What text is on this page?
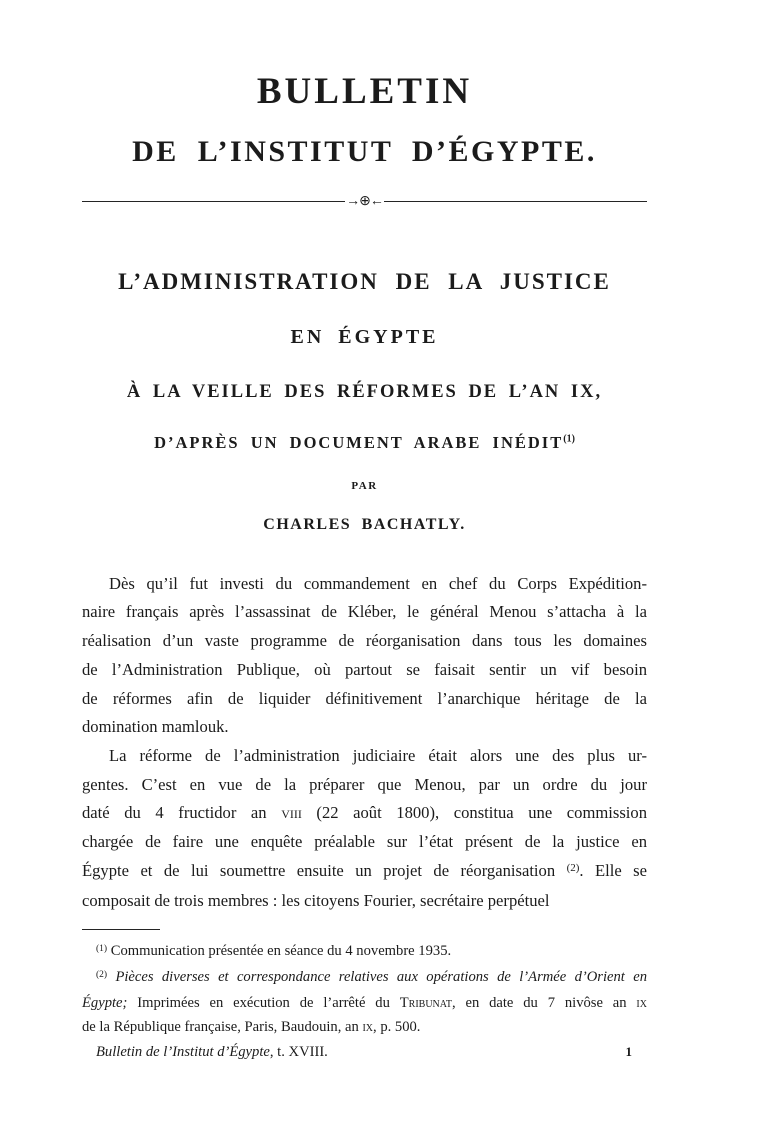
BULLETIN
DE L’INSTITUT D’ÉGYPTE.
→⊕←
L’ADMINISTRATION DE LA JUSTICE
EN ÉGYPTE
À LA VEILLE DES RÉFORMES DE L’AN IX,
D’APRÈS UN DOCUMENT ARABE INÉDIT$^{(1)}$
PAR
CHARLES BACHATLY.
Dès qu’il fut investi du commandement en chef du Corps Expédition-
naire français après l’assassinat de Kléber, le général Menou s’attacha à la
réalisation d’un vaste programme de réorganisation dans tous les domaines
de l’Administration Publique, où partout se faisait sentir un vif besoin
de réformes afin de liquider définitivement l’anarchique héritage de la
domination mamlouk.
La réforme de l’administration judiciaire était alors une des plus ur-
gentes. C’est en vue de la préparer que Menou, par un ordre du jour
daté du 4 fructidor an viii (22 août 1800), constitua une commission
chargée de faire une enquête préalable sur l’état présent de la justice en
Égypte et de lui soumettre ensuite un projet de réorganisation $^{(2)}$. Elle se
composait de trois membres : les citoyens Fourier, secrétaire perpétuel
$^{(1)}$ Communication présentée en séance du 4 novembre 1935.
$^{(2)}$ Pièces diverses et correspondance relatives aux opérations de l’Armée d’Orient en
Égypte; Imprimées en exécution de l’arrêté du Tribunat, en date du 7 nivôse an ix
de la République française, Paris, Baudouin, an ix, p. 500.
Bulletin de l’Institut d’Égypte, t. XVIII.	1
